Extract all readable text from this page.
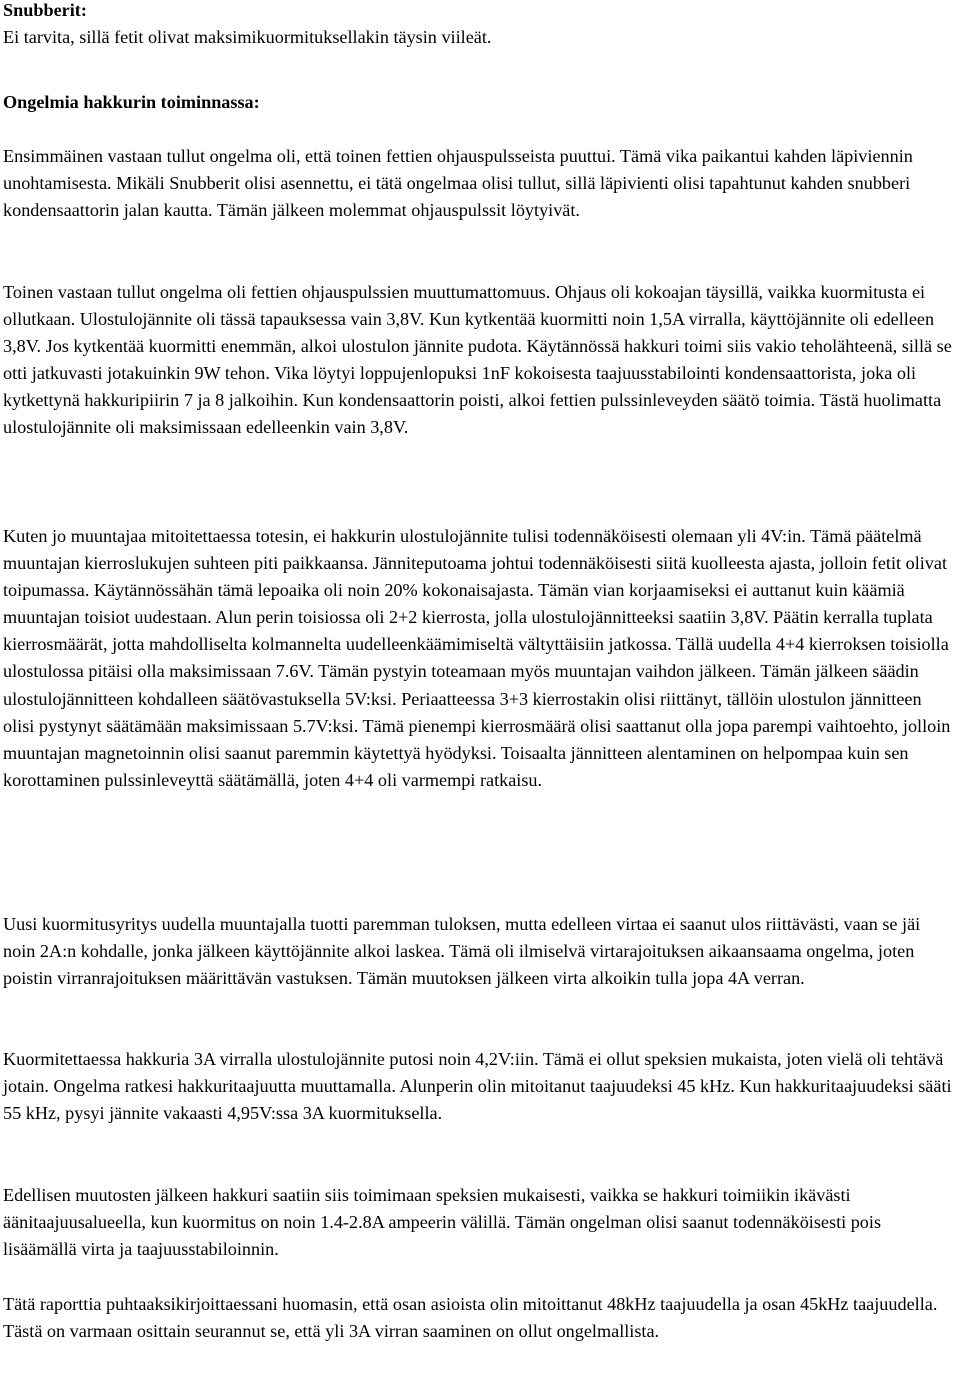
Snubberit:

Ei tarvita, sillä fetit olivat maksimikuormituksellakin täysin viileät.

Ongelmia hakkurin toiminnassa:

Ensimmäinen vastaan tullut ongelma oli, että toinen fettien ohjauspulsseista puuttui. Tämä vika paikantui kahden läpiviennin unohtamisesta. Mikäli Snubberit olisi asennettu, ei tätä ongelmaa olisi tullut, sillä läpivienti olisi tapahtunut kahden snubberi kondensaattorin jalan kautta. Tämän jälkeen molemmat ohjauspulssit löytyivät.

Toinen vastaan tullut ongelma oli fettien ohjauspulssien muuttumattomuus. Ohjaus oli kokoajan täysillä, vaikka kuormitusta ei ollutkaan. Ulostulojännite oli tässä tapauksessa vain 3,8V. Kun kytkentää kuormitti noin 1,5A virralla, käyttöjännite oli edelleen 3,8V. Jos kytkentää kuormitti enemmän, alkoi ulostulon jännite pudota. Käytännössä hakkuri toimi siis vakio teholähteenä, sillä se otti jatkuvasti jotakuinkin 9W tehon. Vika löytyi loppujenlopuksi 1nF kokoisesta taajuusstabilointi kondensaattorista, joka oli kytkettynä hakkuripiirin 7 ja 8 jalkoihin. Kun kondensaattorin poisti, alkoi fettien pulssinleveyden säätö toimia. Tästä huolimatta ulostulojännite oli maksimissaan edelleenkin vain 3,8V.

Kuten jo muuntajaa mitoitettaessa totesin, ei hakkurin ulostulojännite tulisi todennäköisesti olemaan yli 4V:in. Tämä päätelmä muuntajan kierroslukujen suhteen piti paikkaansa. Jänniteputoama johtui todennäköisesti siitä kuolleesta ajasta, jolloin fetit olivat toipumassa. Käytännössähän tämä lepoaika oli noin 20% kokonaisajasta. Tämän vian korjaamiseksi ei auttanut kuin käämiä muuntajan toisiot uudestaan. Alun perin toisiossa oli 2+2 kierrosta, jolla ulostulojännitteeksi saatiin 3,8V. Päätin kerralla tuplata kierrosmäärät, jotta mahdolliselta kolmannelta uudelleenkäämimiseltä vältyttäisiin jatkossa. Tällä uudella 4+4 kierroksen toisiolla ulostulossa pitäisi olla maksimissaan 7.6V. Tämän pystyin toteamaan myös muuntajan vaihdon jälkeen. Tämän jälkeen säädin ulostulojännitteen kohdalleen säätövastuksella 5V:ksi. Periaatteessa 3+3 kierrostakin olisi riittänyt, tällöin ulostulon jännitteen olisi pystynyt säätämään maksimissaan 5.7V:ksi. Tämä pienempi kierrosmäärä olisi saattanut olla jopa parempi vaihtoehto, jolloin muuntajan magnetoinnin olisi saanut paremmin käytettyä hyödyksi. Toisaalta jännitteen alentaminen on helpompaa kuin sen korottaminen pulssinleveyttä säätämällä, joten 4+4 oli varmempi ratkaisu.

Uusi kuormitusyritys uudella muuntajalla tuotti paremman tuloksen, mutta edelleen virtaa ei saanut ulos riittävästi, vaan se jäi noin 2A:n kohdalle, jonka jälkeen käyttöjännite alkoi laskea. Tämä oli ilmiselvä virtarajoituksen aikaansaama ongelma, joten poistin virranrajoituksen määrittävän vastuksen. Tämän muutoksen jälkeen virta alkoikin tulla jopa 4A verran.

Kuormitettaessa hakkuria 3A virralla ulostulojännite putosi noin 4,2V:iin. Tämä ei ollut speksien mukaista, joten vielä oli tehtävä jotain. Ongelma ratkesi hakkuritaajuutta muuttamalla. Alunperin olin mitoitanut taajuudeksi 45 kHz. Kun hakkuritaajuudeksi sääti 55 kHz, pysyi jännite vakaasti 4,95V:ssa 3A kuormituksella.

Edellisen muutosten jälkeen hakkuri saatiin siis toimimaan speksien mukaisesti, vaikka se hakkuri toimiikin ikävästi äänitaajuusalueella, kun kuormitus on noin 1.4-2.8A ampeerin välillä. Tämän ongelman olisi saanut todennäköisesti pois lisäämällä virta ja taajuusstabiloinnin.

Tätä raporttia puhtaaksikirjoittaessani huomasin, että osan asioista olin mitoittanut 48kHz taajuudella ja osan 45kHz taajuudella. Tästä on varmaan osittain seurannut se, että yli 3A virran saaminen on ollut ongelmallista.
